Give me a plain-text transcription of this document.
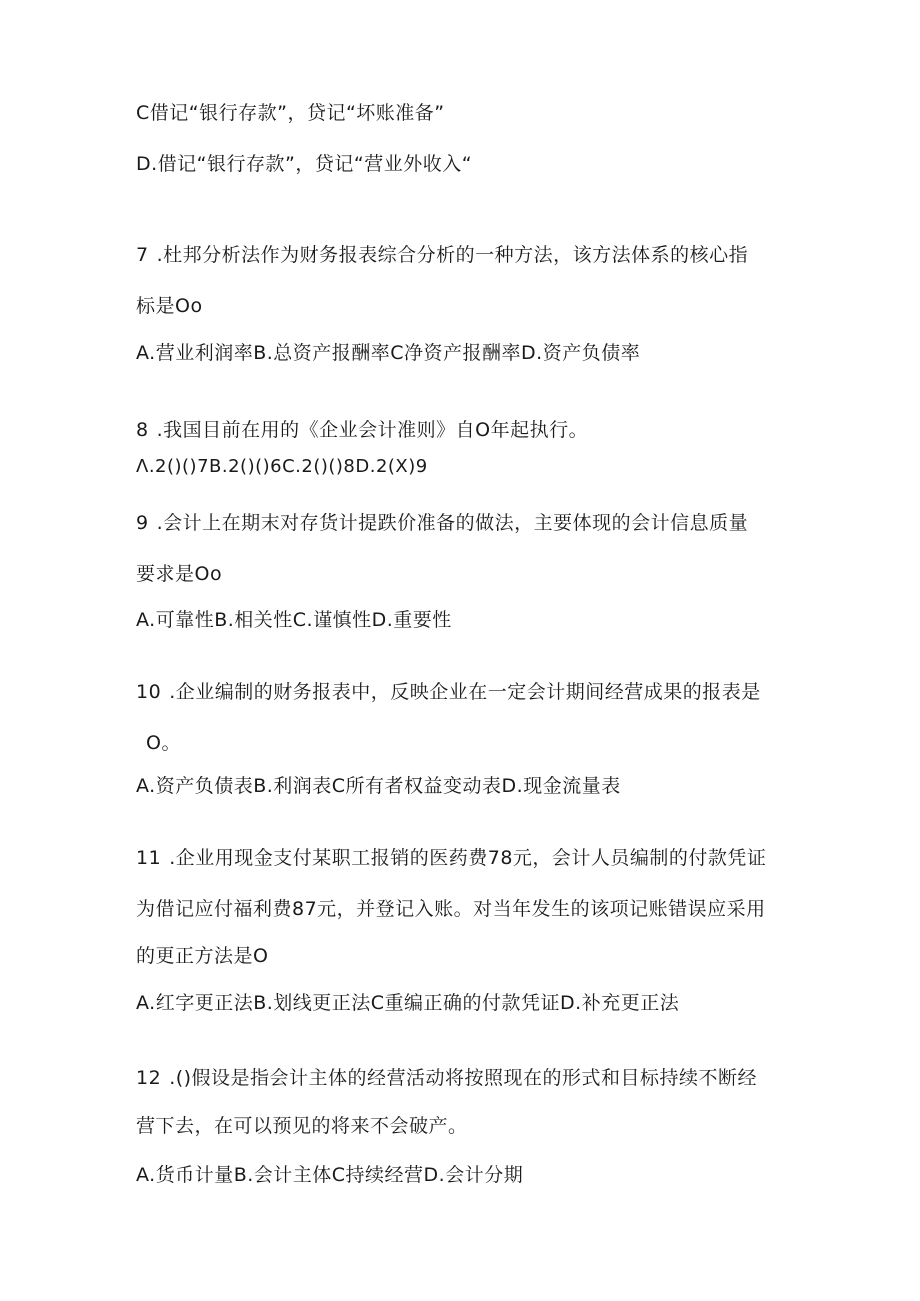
C借记“银行存款”，贷记“坏账准备”
D.借记“银行存款”，贷记“营业外收入“
7 .杜邦分析法作为财务报表综合分析的一种方法，该方法体系的核心指
标是Oo
A.营业利润率B.总资产报酬率C净资产报酬率D.资产负债率
8 .我国目前在用的《企业会计准则》自O年起执行。
Λ.2()()7B.2()()6C.2()()8D.2(X)9
9 .会计上在期末对存货计提跌价准备的做法，主要体现的会计信息质量
要求是Oo
A.可靠性B.相关性C.谨慎性D.重要性
10 .企业编制的财务报表中，反映企业在一定会计期间经营成果的报表是
O。
A.资产负债表B.利润表C所有者权益变动表D.现金流量表
11 .企业用现金支付某职工报销的医药费78元，会计人员编制的付款凭证
为借记应付福利费87元，并登记入账。对当年发生的该项记账错误应采用
的更正方法是O
A.红字更正法B.划线更正法C重编正确的付款凭证D.补充更正法
12 .()假设是指会计主体的经营活动将按照现在的形式和目标持续不断经
营下去，在可以预见的将来不会破产。
A.货币计量B.会计主体C持续经营D.会计分期
